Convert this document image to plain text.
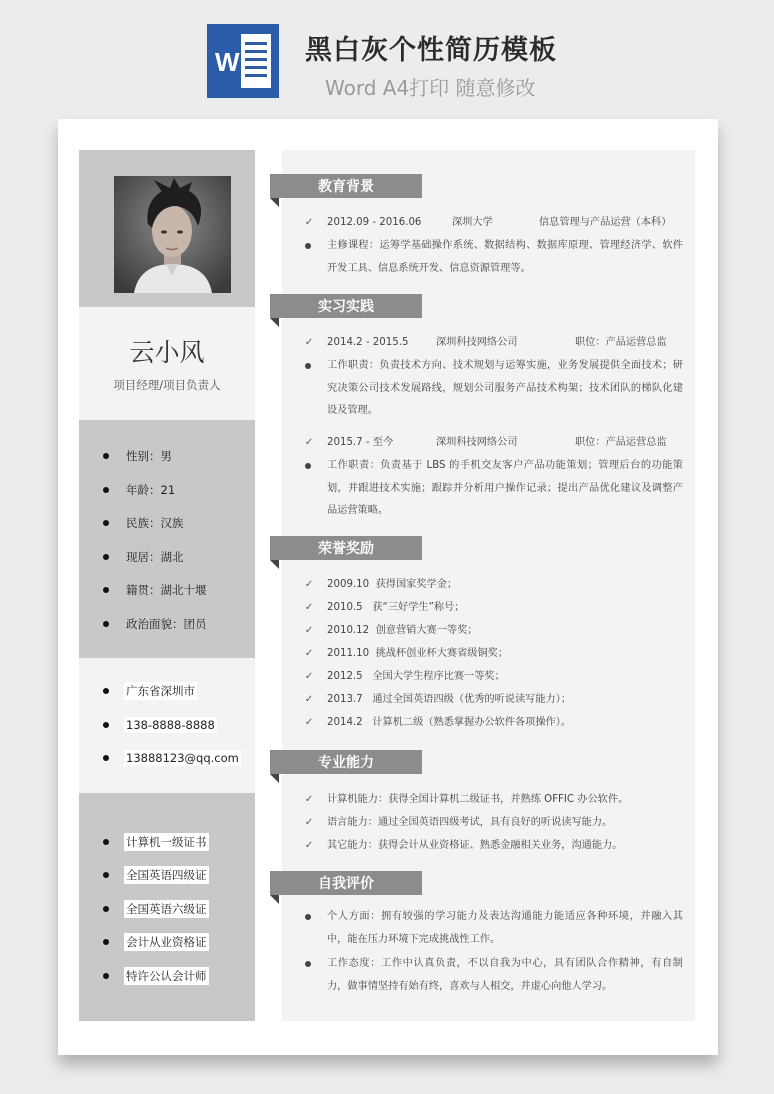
W 黑白灰个性简历模板
Word A4打印 随意修改
云小风
项目经理/项目负责人
性别：男
年龄：21
民族：汉族
现居：湖北
籍贯：湖北十堰
政治面貌：团员
广东省深圳市
138-8888-8888
13888123@qq.com
计算机一级证书
全国英语四级证
全国英语六级证
会计从业资格证
特许公认会计师
教育背景
✓ 2012.09 - 2016.06	深圳大学	信息管理与产品运营（本科）
主修课程：运筹学基础操作系统、数据结构、数据库原理、管理经济学、软件开发工具、信息系统开发、信息资源管理等。
实习实践
✓ 2014.2 - 2015.5	深圳科技网络公司	职位：产品运营总监
工作职责：负责技术方向、技术规划与运筹实施，业务发展提供全面技术；研究决策公司技术发展路线，规划公司服务产品技术构架；技术团队的梯队化建设及管理。
✓ 2015.7 - 至今	深圳科技网络公司	职位：产品运营总监
工作职责：负责基于 LBS 的手机交友客户产品功能策划；管理后台的功能策划，并跟进技术实施；跟踪并分析用户操作记录；提出产品优化建议及调整产品运营策略。
荣誉奖励
✓ 2009.10  获得国家奖学金；
✓ 2010.5   获“三好学生”称号；
✓ 2010.12  创意营销大赛一等奖；
✓ 2011.10  挑战杯创业杯大赛省级铜奖；
✓ 2012.5   全国大学生程序比赛一等奖；
✓ 2013.7   通过全国英语四级（优秀的听说读写能力）；
✓ 2014.2   计算机二级（熟悉掌握办公软件各项操作）。
专业能力
✓ 计算机能力：获得全国计算机二级证书，并熟练 OFFIC 办公软件。
✓ 语言能力：通过全国英语四级考试，具有良好的听说读写能力。
✓ 其它能力：获得会计从业资格证、熟悉金融相关业务，沟通能力。
自我评价
个人方面：拥有较强的学习能力及表达沟通能力能适应各种环境，并融入其中，能在压力环境下完成挑战性工作。
工作态度：工作中认真负责，不以自我为中心，具有团队合作精神，有自制力，做事情坚持有始有终，喜欢与人相交，并虚心向他人学习。
